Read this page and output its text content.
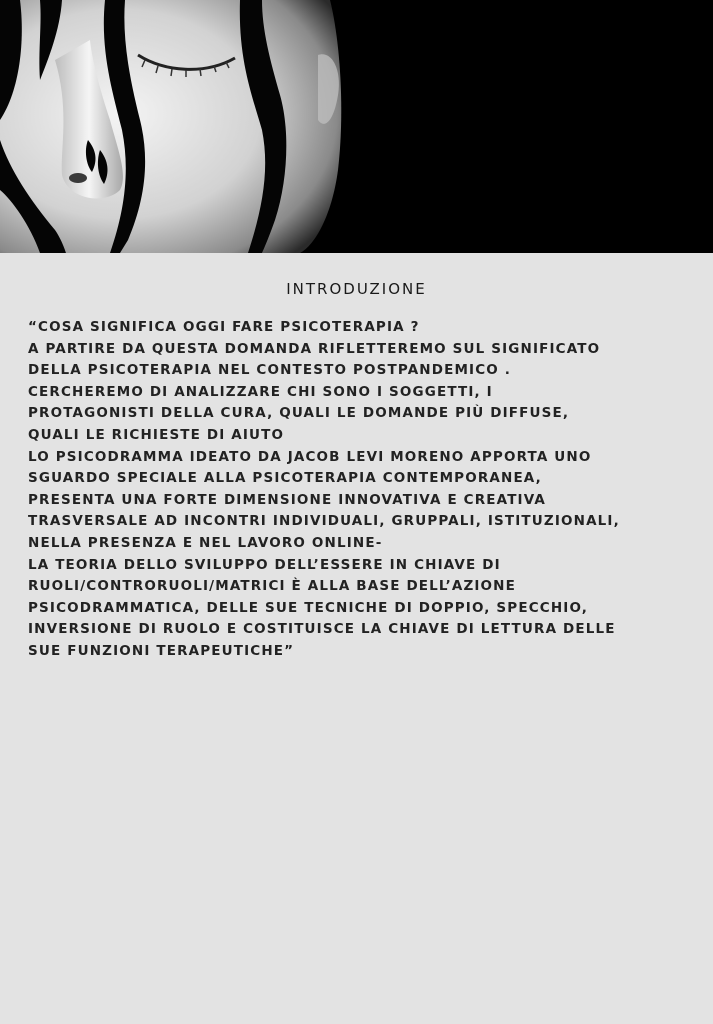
INTRODUZIONE

“COSA SIGNIFICA OGGI FARE PSICOTERAPIA ?
A PARTIRE DA QUESTA DOMANDA RIFLETTEREMO SUL SIGNIFICATO
DELLA PSICOTERAPIA NEL CONTESTO POSTPANDEMICO .
CERCHEREMO DI ANALIZZARE CHI SONO I SOGGETTI, I
PROTAGONISTI DELLA CURA, QUALI LE DOMANDE PIÙ DIFFUSE,
QUALI LE RICHIESTE DI AIUTO
LO PSICODRAMMA IDEATO DA JACOB LEVI MORENO APPORTA UNO
SGUARDO SPECIALE ALLA PSICOTERAPIA CONTEMPORANEA,
PRESENTA UNA FORTE DIMENSIONE INNOVATIVA E CREATIVA
TRASVERSALE AD INCONTRI INDIVIDUALI, GRUPPALI, ISTITUZIONALI,
NELLA PRESENZA E NEL LAVORO ONLINE-
LA TEORIA DELLO SVILUPPO DELL’ESSERE IN CHIAVE DI
RUOLI/CONTRORUOLI/MATRICI È ALLA BASE DELL’AZIONE
PSICODRAMMATICA, DELLE SUE TECNICHE DI DOPPIO, SPECCHIO,
INVERSIONE DI RUOLO E COSTITUISCE LA CHIAVE DI LETTURA DELLE
SUE FUNZIONI TERAPEUTICHE”
